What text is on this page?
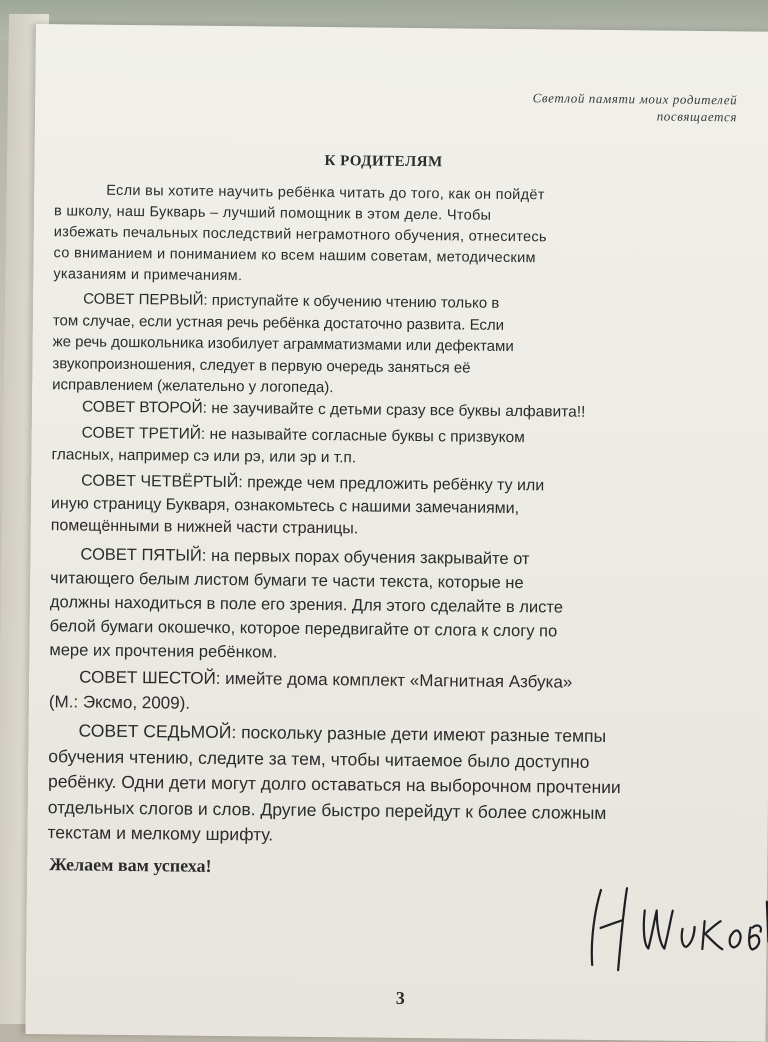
Светлой памяти моих родителей
посвящается
К РОДИТЕЛЯМ
Если вы хотите научить ребёнка читать до того, как он пойдёт
в школу, наш Букварь – лучший помощник в этом деле. Чтобы
избежать печальных последствий неграмотного обучения, отнеситесь
со вниманием и пониманием ко всем нашим советам, методическим
указаниям и примечаниям.
СОВЕТ ПЕРВЫЙ: приступайте к обучению чтению только в
том случае, если устная речь ребёнка достаточно развита. Если
же речь дошкольника изобилует аграмматизмами или дефектами
звукопроизношения, следует в первую очередь заняться её
исправлением (желательно у логопеда).
СОВЕТ ВТОРОЙ: не заучивайте с детьми сразу все буквы алфавита!!
СОВЕТ ТРЕТИЙ: не называйте согласные буквы с призвуком
гласных, например сэ или рэ, или эр и т.п.
СОВЕТ ЧЕТВЁРТЫЙ: прежде чем предложить ребёнку ту или
иную страницу Букваря, ознакомьтесь с нашими замечаниями,
помещёнными в нижней части страницы.
СОВЕТ ПЯТЫЙ: на первых порах обучения закрывайте от
читающего белым листом бумаги те части текста, которые не
должны находиться в поле его зрения. Для этого сделайте в листе
белой бумаги окошечко, которое передвигайте от слога к слогу по
мере их прочтения ребёнком.
СОВЕТ ШЕСТОЙ: имейте дома комплект «Магнитная Азбука»
(М.: Эксмо, 2009).
СОВЕТ СЕДЬМОЙ: поскольку разные дети имеют разные темпы
обучения чтению, следите за тем, чтобы читаемое было доступно
ребёнку. Одни дети могут долго оставаться на выборочном прочтении
отдельных слогов и слов. Другие быстро перейдут к более сложным
текстам и мелкому шрифту.
Желаем вам успеха!
3
